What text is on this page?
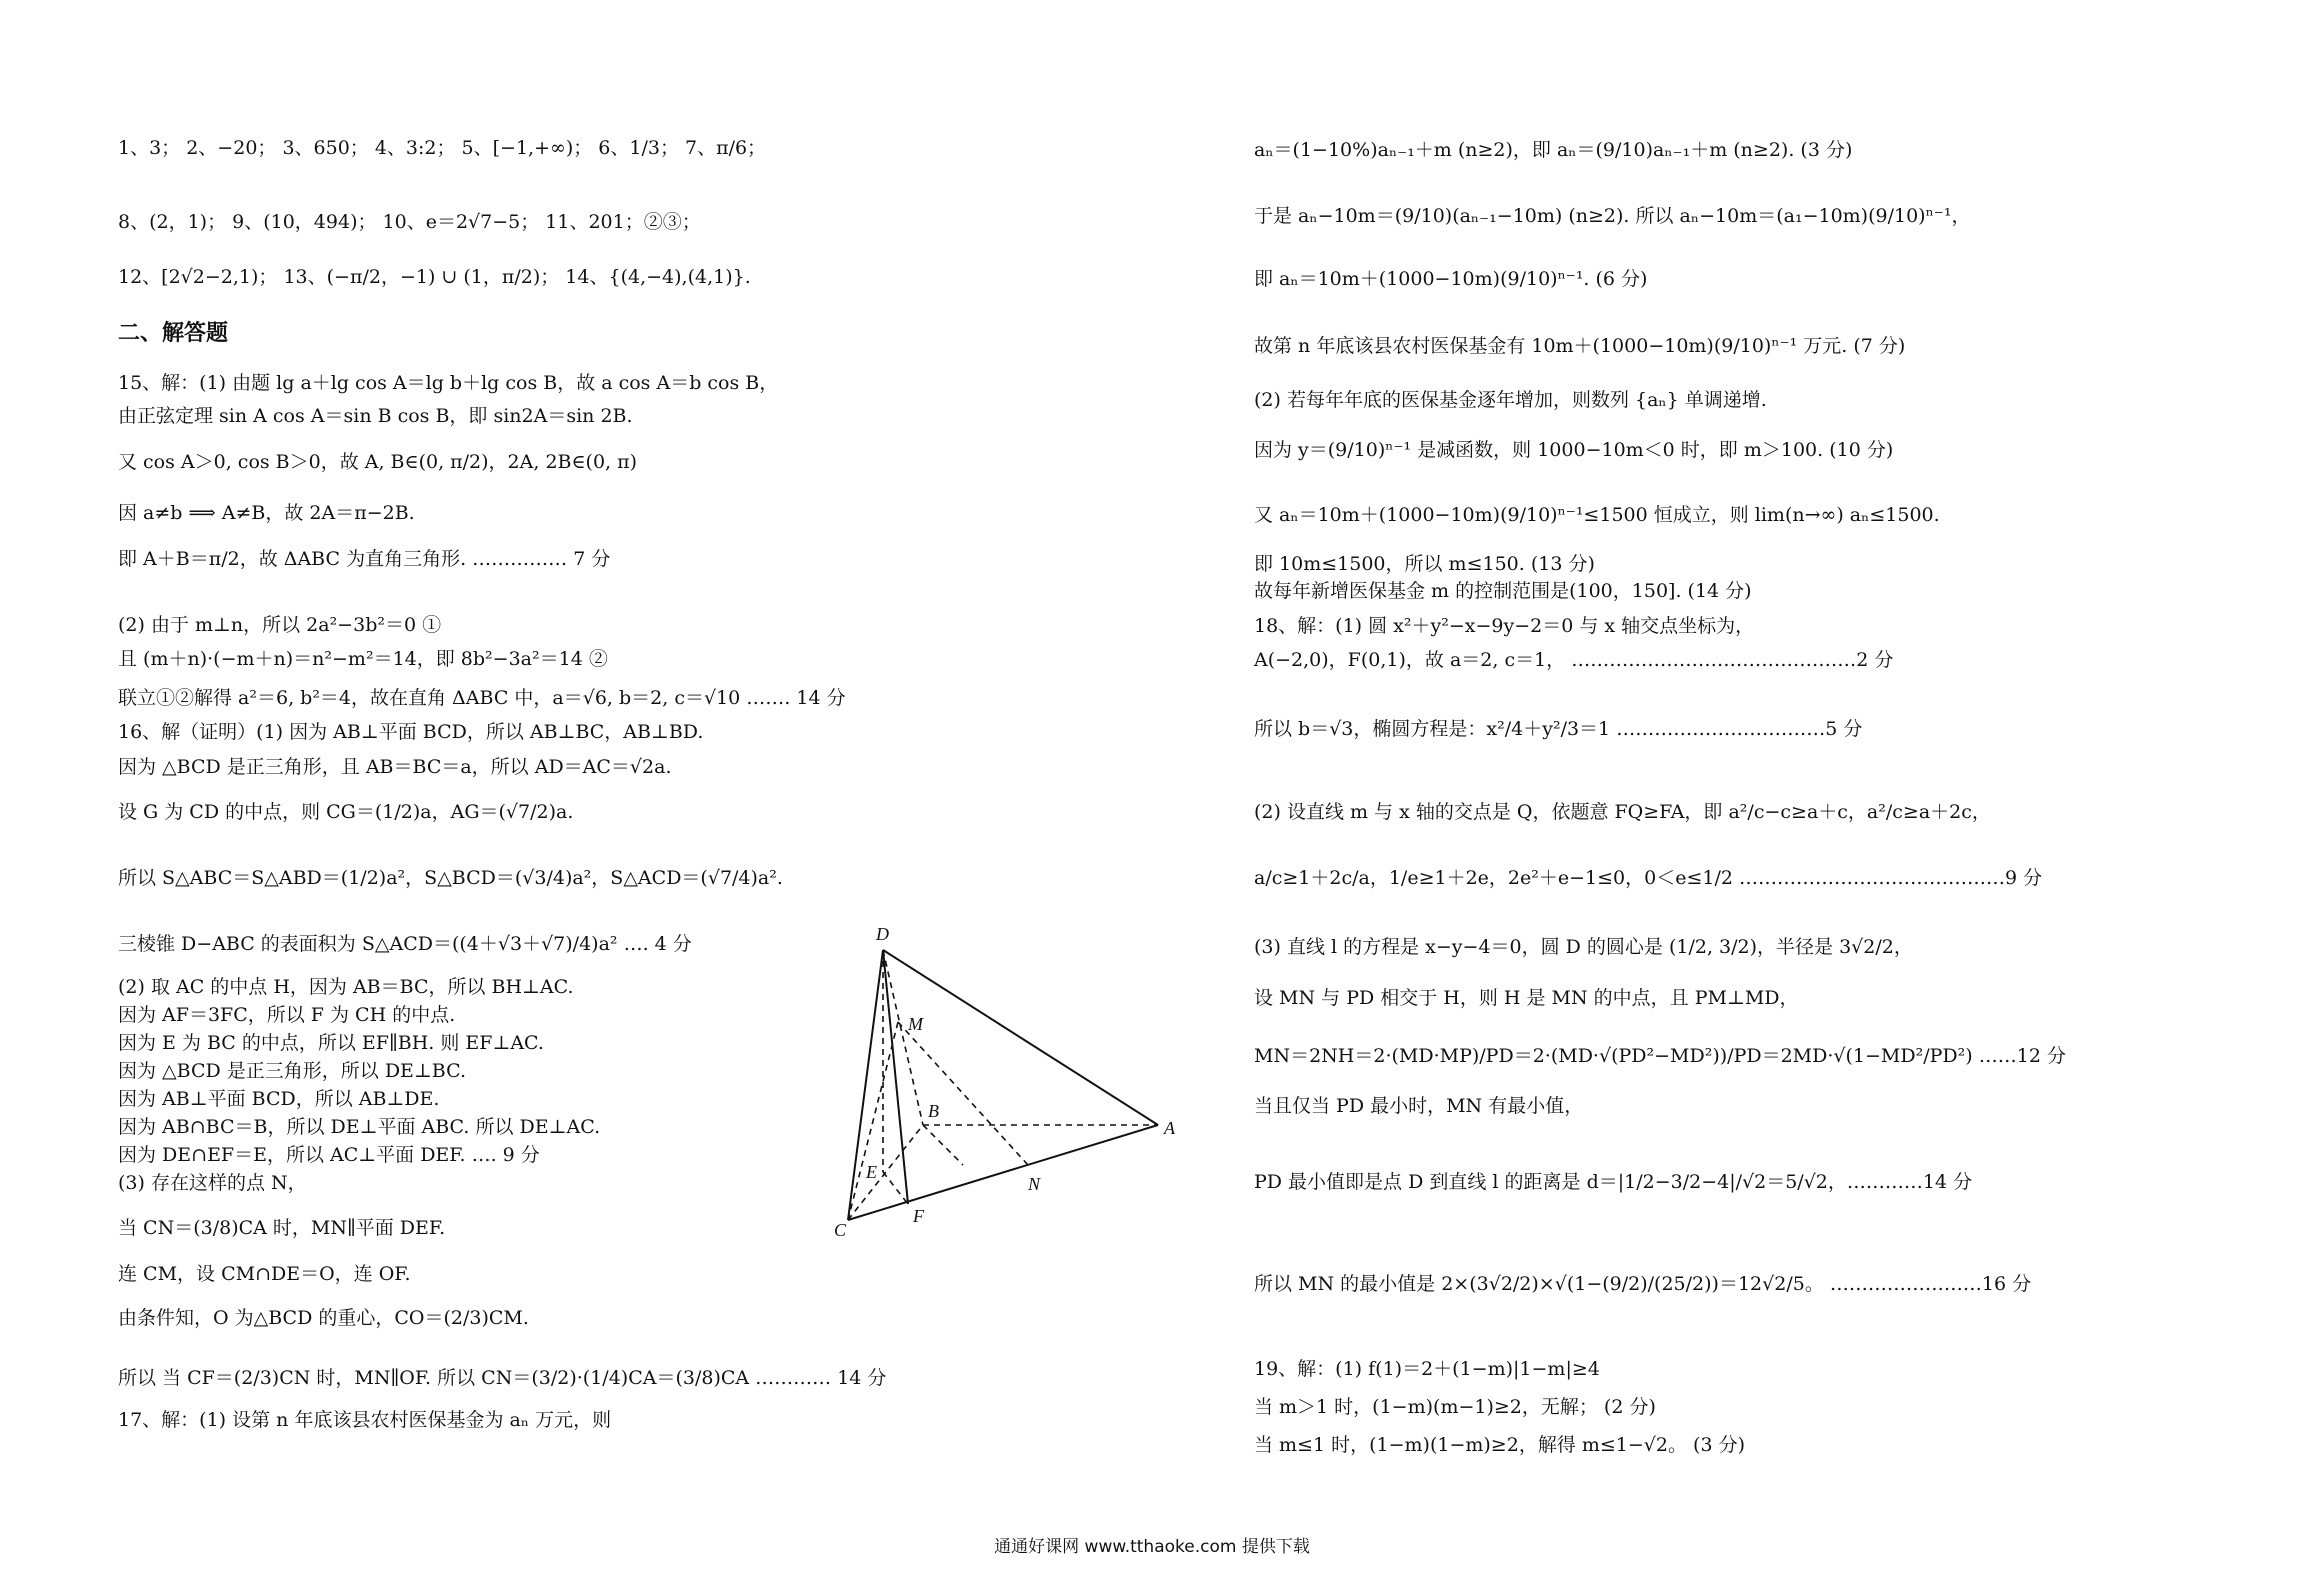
1、3； 2、−20； 3、650； 4、3:2； 5、[−1,+∞)； 6、1/3； 7、π/6；
8、(2，1)； 9、(10，494)； 10、e＝2√7−5； 11、201；②③；
12、[2√2−2,1)； 13、(−π/2，−1) ∪ (1，π/2)； 14、{(4,−4),(4,1)}.
二、解答题
15、解：(1) 由题 lg a＋lg cos A＝lg b＋lg cos B，故 a cos A＝b cos B，
由正弦定理 sin A cos A＝sin B cos B，即 sin2A＝sin 2B.
又 cos A＞0, cos B＞0，故 A, B∈(0, π/2)，2A, 2B∈(0, π)
因 a≠b ⟹ A≠B，故 2A＝π−2B.
即 A＋B＝π/2，故 ΔABC 为直角三角形. …………… 7 分
(2) 由于 m⊥n，所以 2a²−3b²＝0 ①
且 (m＋n)·(−m＋n)＝n²−m²＝14，即 8b²−3a²＝14 ②
联立①②解得 a²＝6, b²＝4，故在直角 ΔABC 中，a＝√6, b＝2, c＝√10 ……. 14 分
16、解（证明）(1) 因为 AB⊥平面 BCD，所以 AB⊥BC，AB⊥BD.
因为 △BCD 是正三角形，且 AB＝BC＝a，所以 AD＝AC＝√2a.
设 G 为 CD 的中点，则 CG＝(1/2)a，AG＝(√7/2)a.
所以 S△ABC＝S△ABD＝(1/2)a²，S△BCD＝(√3/4)a²，S△ACD＝(√7/4)a².
三棱锥 D−ABC 的表面积为 S△ACD＝((4＋√3＋√7)/4)a² …. 4 分
(2) 取 AC 的中点 H，因为 AB＝BC，所以 BH⊥AC.
因为 AF＝3FC，所以 F 为 CH 的中点.
因为 E 为 BC 的中点，所以 EF∥BH. 则 EF⊥AC.
因为 △BCD 是正三角形，所以 DE⊥BC.
因为 AB⊥平面 BCD，所以 AB⊥DE.
因为 AB∩BC＝B，所以 DE⊥平面 ABC. 所以 DE⊥AC.
因为 DE∩EF＝E，所以 AC⊥平面 DEF. …. 9 分
(3) 存在这样的点 N，
当 CN＝(3/8)CA 时，MN∥平面 DEF.
连 CM，设 CM∩DE＝O，连 OF.
由条件知，O 为△BCD 的重心，CO＝(2/3)CM.
所以 当 CF＝(2/3)CN 时，MN∥OF. 所以 CN＝(3/2)·(1/4)CA＝(3/8)CA ………… 14 分
17、解：(1) 设第 n 年底该县农村医保基金为 aₙ 万元，则
D
M
B
A
E
N
C
F
aₙ＝(1−10%)aₙ₋₁＋m (n≥2)，即 aₙ＝(9/10)aₙ₋₁＋m (n≥2). (3 分)
于是 aₙ−10m＝(9/10)(aₙ₋₁−10m) (n≥2). 所以 aₙ−10m＝(a₁−10m)(9/10)ⁿ⁻¹，
即 aₙ＝10m＋(1000−10m)(9/10)ⁿ⁻¹. (6 分)
故第 n 年底该县农村医保基金有 10m＋(1000−10m)(9/10)ⁿ⁻¹ 万元. (7 分)
(2) 若每年年底的医保基金逐年增加，则数列 {aₙ} 单调递增.
因为 y＝(9/10)ⁿ⁻¹ 是减函数，则 1000−10m＜0 时，即 m＞100. (10 分)
又 aₙ＝10m＋(1000−10m)(9/10)ⁿ⁻¹≤1500 恒成立，则 lim(n→∞) aₙ≤1500.
即 10m≤1500，所以 m≤150. (13 分)
故每年新增医保基金 m 的控制范围是(100，150]. (14 分)
18、解：(1) 圆 x²＋y²−x−9y−2＝0 与 x 轴交点坐标为，
A(−2,0)，F(0,1)，故 a＝2, c＝1， ………………………………………2 分
所以 b＝√3，椭圆方程是：x²/4＋y²/3＝1 ……………………………5 分
(2) 设直线 m 与 x 轴的交点是 Q，依题意 FQ≥FA，即 a²/c−c≥a＋c，a²/c≥a＋2c，
a/c≥1＋2c/a，1/e≥1＋2e，2e²＋e−1≤0，0＜e≤1/2 ……………………………………9 分
(3) 直线 l 的方程是 x−y−4＝0，圆 D 的圆心是 (1/2, 3/2)，半径是 3√2/2，
设 MN 与 PD 相交于 H，则 H 是 MN 的中点，且 PM⊥MD，
MN＝2NH＝2·(MD·MP)/PD＝2·(MD·√(PD²−MD²))/PD＝2MD·√(1−MD²/PD²) ……12 分
当且仅当 PD 最小时，MN 有最小值，
PD 最小值即是点 D 到直线 l 的距离是 d＝|1/2−3/2−4|/√2＝5/√2，…………14 分
所以 MN 的最小值是 2×(3√2/2)×√(1−(9/2)/(25/2))＝12√2/5。 ……………………16 分
19、解：(1) f(1)＝2＋(1−m)|1−m|≥4
当 m＞1 时，(1−m)(m−1)≥2，无解； (2 分)
当 m≤1 时，(1−m)(1−m)≥2，解得 m≤1−√2。 (3 分)
通通好课网 www.tthaoke.com 提供下载
